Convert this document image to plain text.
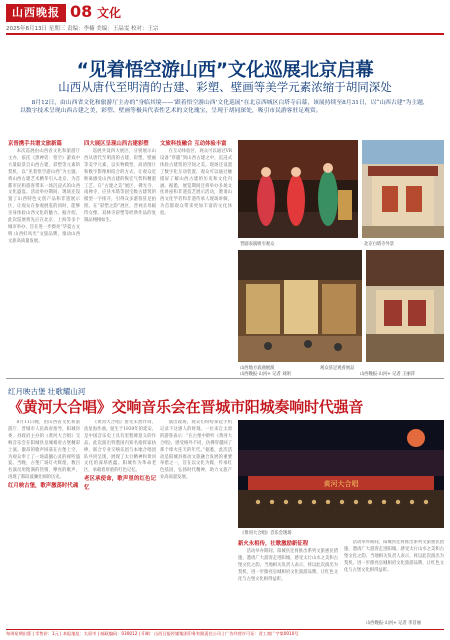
山西晚报 08 文化
2025年8月13日 星期三 责编：李楠 美编：王晶雯 校对：王宗
“见着悟空游山西”文化巡展北京启幕
山西从唐代至明清的古建、彩塑、壁画等美学元素浓缩于胡同深处
8月12日，由山西省文化和旅游厅主办的“身临其境——‘跟着悟空游山西’文化巡展”在北京西城区白塔寺启幕，该展持续至8月31日，以“山西古建”为主题，以数字技术呈现山西古建之美，彩塑、壁画等极具代表性艺术的文化瑰宝，呈现于胡同深处，吸引市民游客驻足观赏。

京晋携手共谱文旅新篇

本次巡展由山西省文化和旅游厅主办，依托《黑神话：悟空》游戏中大量取景自山西古建、彩塑等元素的契机，以“见着悟空游山西”为主题，将山西古建艺术精华引入北京，为首都市民和游客带来一场沉浸式的山西文化盛宴。活动举办期间，现场还设置了山西特色文创产品和非遗展示区，让观众在参观展览的同时，能够亲身体验山西文化的魅力。据介绍，此次巡展将先后在北京、上海等多个城市举办，旨在进一步擦亮“华夏古文明 山西好风光”文旅品牌，推动山西文旅高质量发展。

四大展区呈现山西古建彩塑

巡展共设四大展区，分别展示山西从唐代至明清的古建、彩塑、壁画等美学元素，以实物模型、高清图片和数字影像相结合的方式，让观众近距离感受山西古建的恢宏气势和精湛工艺。在“古建之美”展区，佛光寺、南禅寺、应县木塔等国宝级古建筑的模型一字排开，引得众多游客驻足拍照。在“彩塑之韵”展区，晋祠圣母殿侍女像、双林寺彩塑等经典作品的复制品栩栩如生。

文旅科技融合 互动体验丰富

在互动体验区，观众可以通过VR设备“穿越”到山西古建之中，沉浸式体验古建筑的空间之美。现场还设置了数字化互动装置，观众可以通过触摸屏了解山西古建的历史和文化内涵。据悉，展览期间还将举办多场文化讲座和非遗技艺展示活动，邀请山西文化学者和非遗传承人现场讲解，为首都观众带来更加丰富的文化体验。

晋剧表演吸引观众	北京白塔寺外景
山西地方戏曲展演	观众驻足观看展品
山西晚报·山河+ 记者 刘朗	山西晚报·山河+ 记者 王丽萍
红月映古堡 壮歌耀山河
《黄河大合唱》交响音乐会在晋城市阳城奏响时代强音

8月11日晚，由山西省文化和旅游厅、晋城市人民政府指导，阳城县委、县政府主办的《黄河大合唱》交响音乐会在阳城县皇城相府古堡精彩上演。激昂的歌声回荡在古堡上空，为观众奉上了一场震撼心灵的视听盛宴。当晚，古堡广场灯火辉煌，数百名演员用饱满的热情、嘹亮的歌声，再现了那段波澜壮阔的历史。

红月映古堡，歌声激荡时代魂

《黄河大合唱》由光未然作词、冼星海作曲，诞生于1939年的延安，是中国音乐史上具有里程碑意义的作品。此次演出特邀国内知名指挥家执棒，联合专业交响乐团与本地合唱团队共同呈现，展现了太行精神和黄河文化的深厚底蕴。阳城作为革命老区，承载着厚重的红色记忆。

老区承使命，歌声里的红色记忆

演出现场，观众们纷纷拿起手机记录下这感人的时刻。一位来自太原的游客表示：“在古堡中聆听《黄河大合唱》，感受格外不同，仿佛穿越回了那个烽火连天的年代。”据悉，此次活动是阳城县推动文旅融合发展的重要举措之一，旨在以文化为媒，传承红色基因，弘扬时代精神，助力文旅产业高质量发展。

黄河大合唱
《黄河大合唱》音乐会现场

新火永相传，壮歌激励新征程

活动举办期间，阳城县还将推出系列文旅惠民措施，邀请广大游客走进阳城，感受太行山水之美和古堡文化之韵。当地相关负责人表示，将以此次演出为契机，进一步擦亮皇城相府文化旅游品牌，让红色文化与古堡文化相得益彰。

活动举办期间，阳城县还将推出系列文旅惠民措施，邀请广大游客走进阳城，感受太行山水之美和古堡文化之韵。当地相关负责人表示，将以此次演出为契机，进一步擦亮皇城相府文化旅游品牌，让红色文化与古堡文化相得益彰。

山西晚报·山河+ 记者 李首丽
每周星期出版 | 零售价：1元 | 本报地址：太原市 | 邮政编码：030012 | 印刷：山西日报传媒集团印务有限责任公司 | 广告经营许可证：晋工商广字第0010号
